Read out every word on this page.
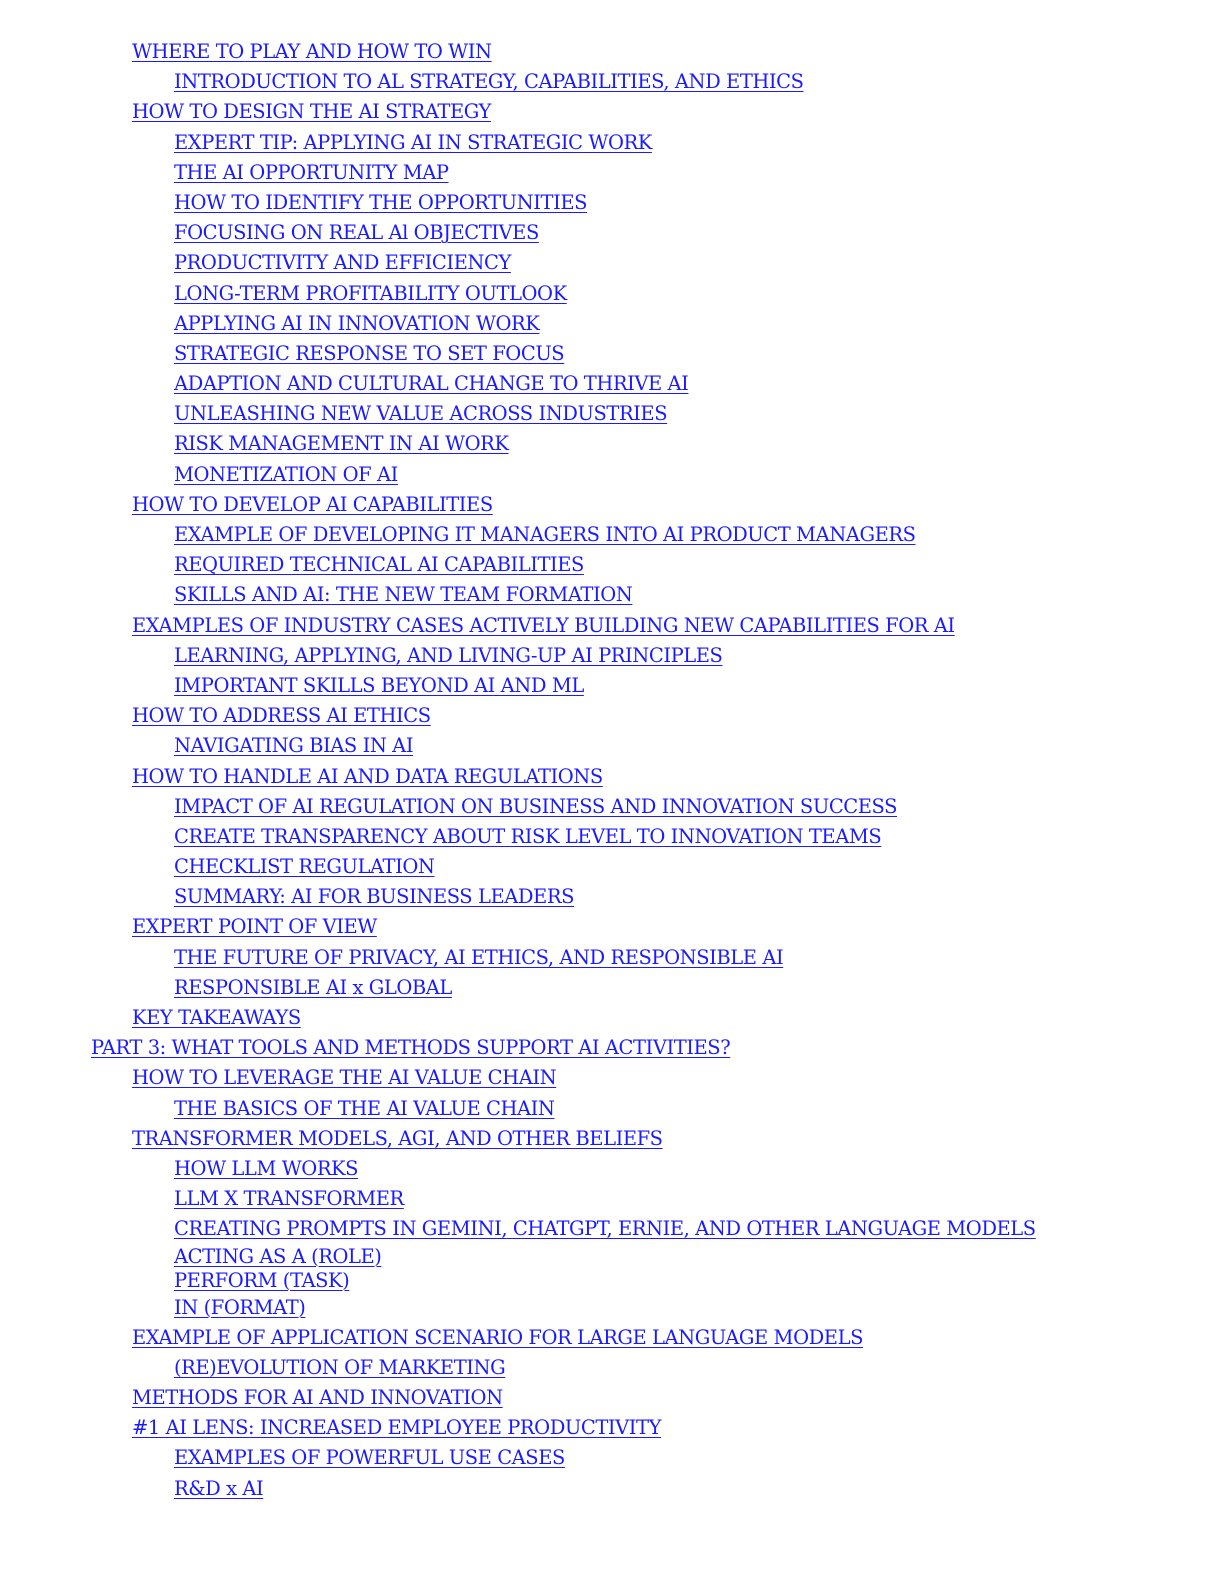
WHERE TO PLAY AND HOW TO WIN
INTRODUCTION TO AL STRATEGY, CAPABILITIES, AND ETHICS
HOW TO DESIGN THE AI STRATEGY
EXPERT TIP: APPLYING AI IN STRATEGIC WORK
THE AI OPPORTUNITY MAP
HOW TO IDENTIFY THE OPPORTUNITIES
FOCUSING ON REAL Al OBJECTIVES
PRODUCTIVITY AND EFFICIENCY
LONG-TERM PROFITABILITY OUTLOOK
APPLYING AI IN INNOVATION WORK
STRATEGIC RESPONSE TO SET FOCUS
ADAPTION AND CULTURAL CHANGE TO THRIVE AI
UNLEASHING NEW VALUE ACROSS INDUSTRIES
RISK MANAGEMENT IN AI WORK
MONETIZATION OF AI
HOW TO DEVELOP AI CAPABILITIES
EXAMPLE OF DEVELOPING IT MANAGERS INTO AI PRODUCT MANAGERS
REQUIRED TECHNICAL AI CAPABILITIES
SKILLS AND AI: THE NEW TEAM FORMATION
EXAMPLES OF INDUSTRY CASES ACTIVELY BUILDING NEW CAPABILITIES FOR AI
LEARNING, APPLYING, AND LIVING-UP AI PRINCIPLES
IMPORTANT SKILLS BEYOND AI AND ML
HOW TO ADDRESS AI ETHICS
NAVIGATING BIAS IN AI
HOW TO HANDLE AI AND DATA REGULATIONS
IMPACT OF AI REGULATION ON BUSINESS AND INNOVATION SUCCESS
CREATE TRANSPARENCY ABOUT RISK LEVEL TO INNOVATION TEAMS
CHECKLIST REGULATION
SUMMARY: AI FOR BUSINESS LEADERS
EXPERT POINT OF VIEW
THE FUTURE OF PRIVACY, AI ETHICS, AND RESPONSIBLE AI
RESPONSIBLE AI x GLOBAL
KEY TAKEAWAYS
PART 3: WHAT TOOLS AND METHODS SUPPORT AI ACTIVITIES?
HOW TO LEVERAGE THE AI VALUE CHAIN
THE BASICS OF THE AI VALUE CHAIN
TRANSFORMER MODELS, AGI, AND OTHER BELIEFS
HOW LLM WORKS
LLM X TRANSFORMER
CREATING PROMPTS IN GEMINI, CHATGPT, ERNIE, AND OTHER LANGUAGE MODELS
ACTING AS A (ROLE)
PERFORM (TASK)
IN (FORMAT)
EXAMPLE OF APPLICATION SCENARIO FOR LARGE LANGUAGE MODELS
(RE)EVOLUTION OF MARKETING
METHODS FOR AI AND INNOVATION
#1 AI LENS: INCREASED EMPLOYEE PRODUCTIVITY
EXAMPLES OF POWERFUL USE CASES
R&D x AI
